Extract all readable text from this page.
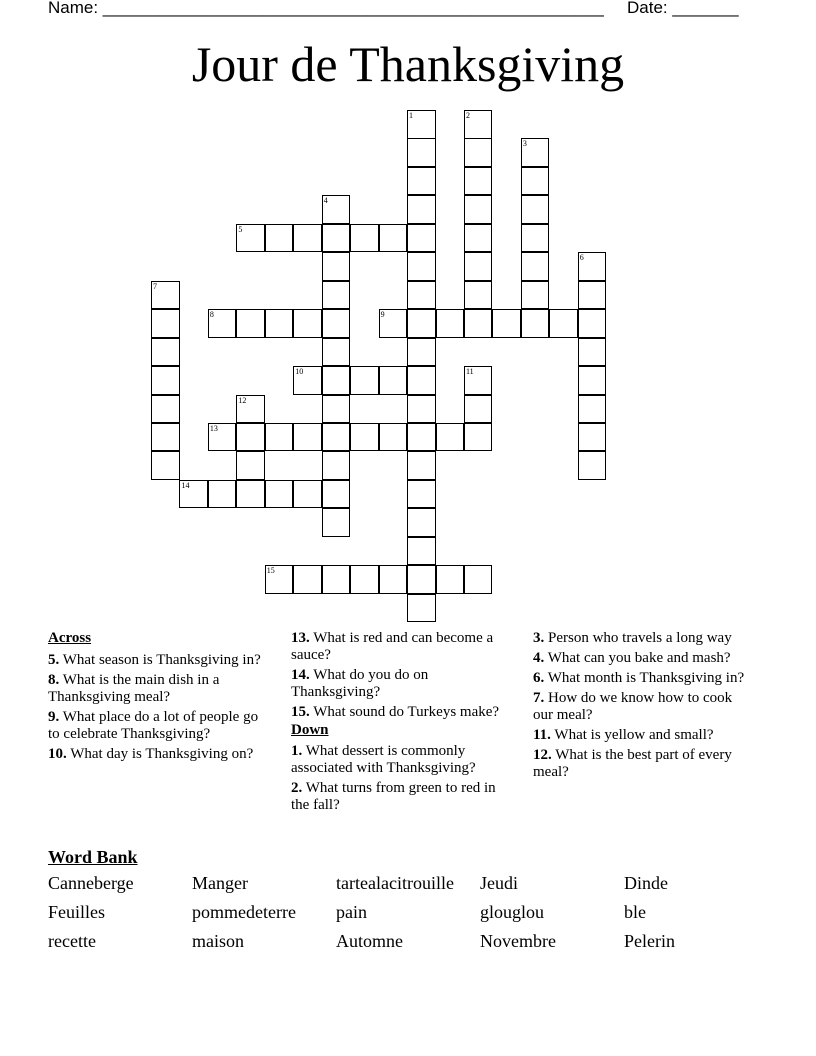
Name: _____________________________________________________ Date: _______
Jour de Thanksgiving
1	2
3
4
5
6
7
8	9
10	11
12
13
14
15
Across
5. What season is Thanksgiving in?
8. What is the main dish in a Thanksgiving meal?
9. What place do a lot of people go to celebrate Thanksgiving?
10. What day is Thanksgiving on?
13. What is red and can become a sauce?
14. What do you do on Thanksgiving?
15. What sound do Turkeys make?
Down
1. What dessert is commonly associated with Thanksgiving?
2. What turns from green to red in the fall?
3. Person who travels a long way
4. What can you bake and mash?
6. What month is Thanksgiving in?
7. How do we know how to cook our meal?
11. What is yellow and small?
12. What is the best part of every meal?
Word Bank
Canneberge	Manger	tartealacitrouille	Jeudi	Dinde
Feuilles	pommedeterre	pain	glouglou	ble
recette	maison	Automne	Novembre	Pelerin
